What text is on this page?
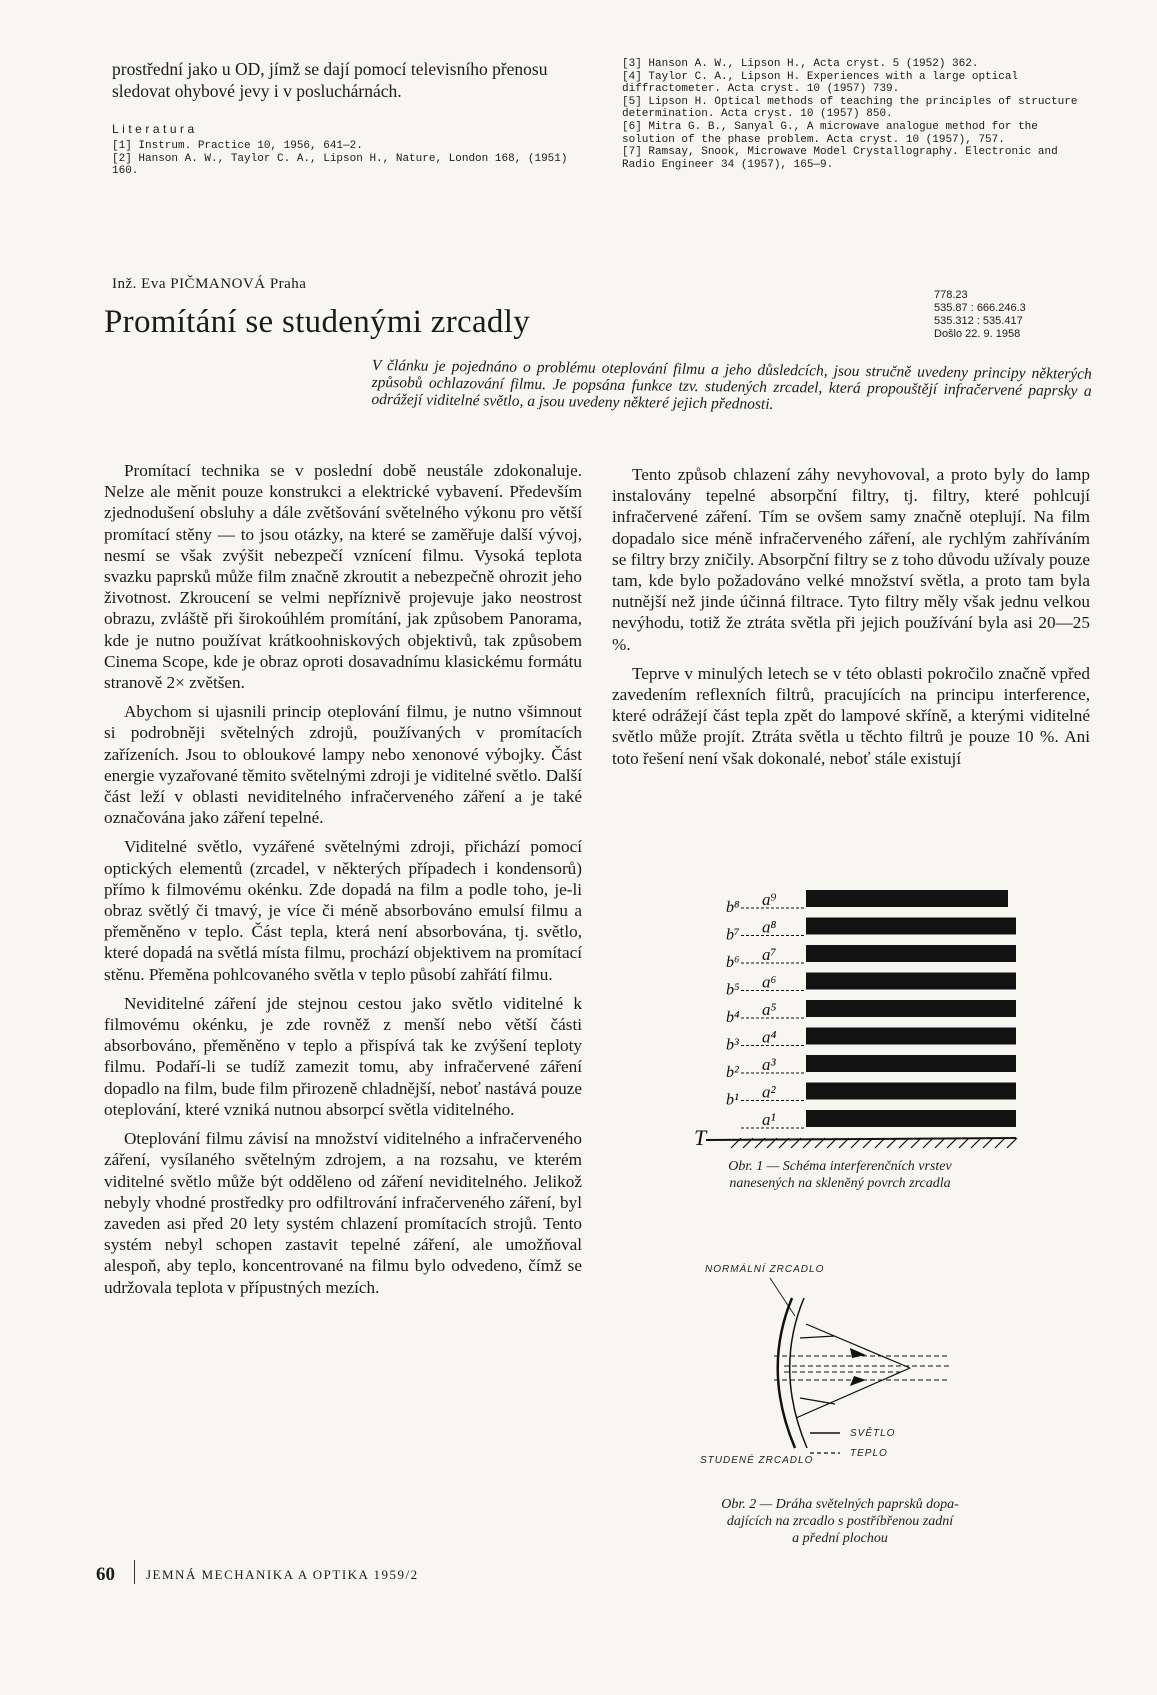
prostřední jako u OD, jímž se dají pomocí televisního přenosu sledovat ohybové jevy i v posluchárnách.
Literatura
[1] Instrum. Practice 10, 1956, 641—2.
[2] Hanson A. W., Taylor C. A., Lipson H., Nature, London 168, (1951) 160.
[3] Hanson A. W., Lipson H., Acta cryst. 5 (1952) 362.
[4] Taylor C. A., Lipson H. Experiences with a large optical diffractometer. Acta cryst. 10 (1957) 739.
[5] Lipson H. Optical methods of teaching the principles of structure determination. Acta cryst. 10 (1957) 850.
[6] Mitra G. B., Sanyal G., A microwave analogue method for the solution of the phase problem. Acta cryst. 10 (1957), 757.
[7] Ramsay, Snook, Microwave Model Crystallography. Electronic and Radio Engineer 34 (1957), 165—9.
Inž. Eva PIČMANOVÁ Praha
Promítání se studenými zrcadly
778.23
535.87 : 666.246.3
535.312 : 535.417
Došlo 22. 9. 1958
V článku je pojednáno o problému oteplování filmu a jeho důsledcích, jsou stručně uvedeny principy některých způsobů ochlazování filmu. Je popsána funkce tzv. studených zrcadel, která propouštějí infračervené paprsky a odrážejí viditelné světlo, a jsou uvedeny některé jejich přednosti.

Promítací technika se v poslední době neustále zdokonaluje. Nelze ale měnit pouze konstrukci a elektrické vybavení. Především zjednodušení obsluhy a dále zvětšování světelného výkonu pro větší promítací stěny — to jsou otázky, na které se zaměřuje další vývoj, nesmí se však zvýšit nebezpečí vznícení filmu. Vysoká teplota svazku paprsků může film značně zkroutit a nebezpečně ohrozit jeho životnost. Zkroucení se velmi nepříznivě projevuje jako neostrost obrazu, zvláště při širokoúhlém promítání, jak způsobem Panorama, kde je nutno používat krátkoohniskových objektivů, tak způsobem Cinema Scope, kde je obraz oproti dosavadnímu klasickému formátu stranově 2× zvětšen.

Abychom si ujasnili princip oteplování filmu, je nutno všimnout si podrobněji světelných zdrojů, používaných v promítacích zařízeních. Jsou to obloukové lampy nebo xenonové výbojky. Část energie vyzařované těmito světelnými zdroji je viditelné světlo. Další část leží v oblasti neviditelného infračerveného záření a je také označována jako záření tepelné.

Viditelné světlo, vyzářené světelnými zdroji, přichází pomocí optických elementů (zrcadel, v některých případech i kondensorů) přímo k filmovému okénku. Zde dopadá na film a podle toho, je-li obraz světlý či tmavý, je více či méně absorbováno emulsí filmu a přeměněno v teplo. Část tepla, která není absorbována, tj. světlo, které dopadá na světlá místa filmu, prochází objektivem na promítací stěnu. Přeměna pohlcovaného světla v teplo působí zahřátí filmu.

Neviditelné záření jde stejnou cestou jako světlo viditelné k filmovému okénku, je zde rovněž z menší nebo větší části absorbováno, přeměněno v teplo a přispívá tak ke zvýšení teploty filmu. Podaří-li se tudíž zamezit tomu, aby infračervené záření dopadlo na film, bude film přirozeně chladnější, neboť nastává pouze oteplování, které vzniká nutnou absorpcí světla viditelného.

Oteplování filmu závisí na množství viditelného a infračerveného záření, vysílaného světelným zdrojem, a na rozsahu, ve kterém viditelné světlo může být odděleno od záření neviditelného. Jelikož nebyly vhodné prostředky pro odfiltrování infračerveného záření, byl zaveden asi před 20 lety systém chlazení promítacích strojů. Tento systém nebyl schopen zastavit tepelné záření, ale umožňoval alespoň, aby teplo, koncentrované na filmu bylo odvedeno, čímž se udržovala teplota v přípustných mezích.

Tento způsob chlazení záhy nevyhovoval, a proto byly do lamp instalovány tepelné absorpční filtry, tj. filtry, které pohlcují infračervené záření. Tím se ovšem samy značně oteplují. Na film dopadalo sice méně infračerveného záření, ale rychlým zahříváním se filtry brzy zničily. Absorpční filtry se z toho důvodu užívaly pouze tam, kde bylo požadováno velké množství světla, a proto tam byla nutnější než jinde účinná filtrace. Tyto filtry měly však jednu velkou nevýhodu, totiž že ztráta světla při jejich používání byla asi 20—25 %.

Teprve v minulých letech se v této oblasti pokročilo značně vpřed zavedením reflexních filtrů, pracujících na principu interference, které odrážejí část tepla zpět do lampové skříně, a kterými viditelné světlo může projít. Ztráta světla u těchto filtrů je pouze 10 %. Ani toto řešení není však dokonalé, neboť stále existují

a⁹
b⁸
a⁸
b⁷
a⁷
b⁶
a⁶
b⁵
a⁵
b⁴
a⁴
b³
a³
b²
a²
b¹
a¹
T
Obr. 1 — Schéma interferenčních vrstev
nanesených na skleněný povrch zrcadla
NORMÁLNÍ ZRCADLO
SVĚTLO
TEPLO
STUDENÉ ZRCADLO
Obr. 2 — Dráha světelných paprsků dopa-
dajících na zrcadlo s postříbřenou zadní
a přední plochou
60 JEMNÁ MECHANIKA A OPTIKA 1959/2
